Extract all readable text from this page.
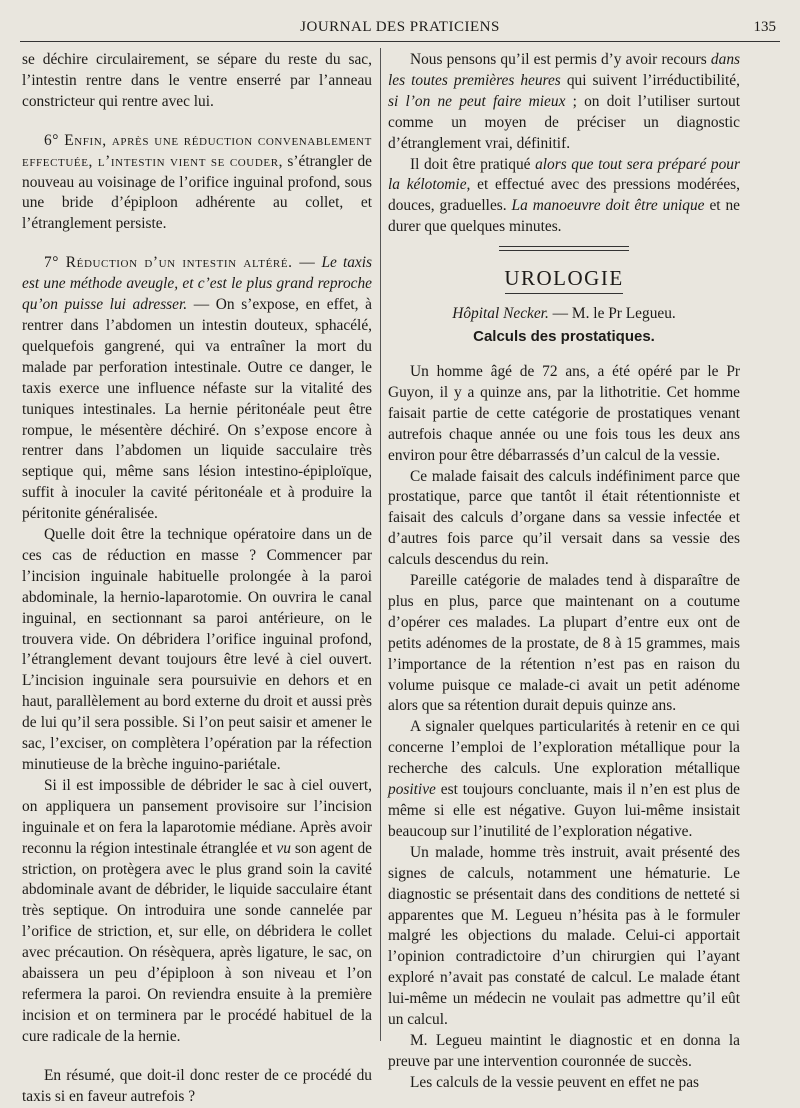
JOURNAL DES PRATICIENS	135

se déchire circulairement, se sépare du reste du sac, l’intestin rentre dans le ventre enserré par l’anneau constricteur qui rentre avec lui.

6° Enfin, après une réduction convenablement effectuée, l’intestin vient se couder, s’étrangler de nouveau au voisinage de l’orifice inguinal profond, sous une bride d’épiploon adhérente au collet, et l’étranglement persiste.

7° Réduction d’un intestin altéré. — Le taxis est une méthode aveugle, et c’est le plus grand reproche qu’on puisse lui adresser. — On s’expose, en effet, à rentrer dans l’abdomen un intestin douteux, sphacélé, quelquefois gangrené, qui va entraîner la mort du malade par perforation intestinale. Outre ce danger, le taxis exerce une influence néfaste sur la vitalité des tuniques intestinales. La hernie péritonéale peut être rompue, le mésentère déchiré. On s’expose encore à rentrer dans l’abdomen un liquide sacculaire très septique qui, même sans lésion intestino-épiploïque, suffit à inoculer la cavité péritonéale et à produire la péritonite généralisée.

Quelle doit être la technique opératoire dans un de ces cas de réduction en masse ? Commencer par l’incision inguinale habituelle prolongée à la paroi abdominale, la hernio-laparotomie. On ouvrira le canal inguinal, en sectionnant sa paroi antérieure, on le trouvera vide. On débridera l’orifice inguinal profond, l’étranglement devant toujours être levé à ciel ouvert. L’incision inguinale sera poursuivie en dehors et en haut, parallèlement au bord externe du droit et aussi près de lui qu’il sera possible. Si l’on peut saisir et amener le sac, l’exciser, on complètera l’opération par la réfection minutieuse de la brèche inguino-pariétale.

Si il est impossible de débrider le sac à ciel ouvert, on appliquera un pansement provisoire sur l’incision inguinale et on fera la laparotomie médiane. Après avoir reconnu la région intestinale étranglée et vu son agent de striction, on protègera avec le plus grand soin la cavité abdominale avant de débrider, le liquide sacculaire étant très septique. On introduira une sonde cannelée par l’orifice de striction, et, sur elle, on débridera le collet avec précaution. On résèquera, après ligature, le sac, on abaissera un peu d’épiploon à son niveau et l’on refermera la paroi. On reviendra ensuite à la première incision et on terminera par le procédé habituel de la cure radicale de la hernie.

En résumé, que doit-il donc rester de ce procédé du taxis si en faveur autrefois ?

Nous pensons qu’il est permis d’y avoir recours dans les toutes premières heures qui suivent l’irréductibilité, si l’on ne peut faire mieux ; on doit l’utiliser surtout comme un moyen de préciser un diagnostic d’étranglement vrai, définitif.

Il doit être pratiqué alors que tout sera préparé pour la kélotomie, et effectué avec des pressions modérées, douces, graduelles. La manoeuvre doit être unique et ne durer que quelques minutes.

UROLOGIE
Hôpital Necker. — M. le Pr Legueu.
Calculs des prostatiques.

Un homme âgé de 72 ans, a été opéré par le Pr Guyon, il y a quinze ans, par la lithotritie. Cet homme faisait partie de cette catégorie de prostatiques venant autrefois chaque année ou une fois tous les deux ans environ pour être débarrassés d’un calcul de la vessie.

Ce malade faisait des calculs indéfiniment parce que prostatique, parce que tantôt il était rétentionniste et faisait des calculs d’organe dans sa vessie infectée et d’autres fois parce qu’il versait dans sa vessie des calculs descendus du rein.

Pareille catégorie de malades tend à disparaître de plus en plus, parce que maintenant on a coutume d’opérer ces malades. La plupart d’entre eux ont de petits adénomes de la prostate, de 8 à 15 grammes, mais l’importance de la rétention n’est pas en raison du volume puisque ce malade-ci avait un petit adénome alors que sa rétention durait depuis quinze ans.

A signaler quelques particularités à retenir en ce qui concerne l’emploi de l’exploration métallique pour la recherche des calculs. Une exploration métallique positive est toujours concluante, mais il n’en est plus de même si elle est négative. Guyon lui-même insistait beaucoup sur l’inutilité de l’exploration négative.

Un malade, homme très instruit, avait présenté des signes de calculs, notamment une hématurie. Le diagnostic se présentait dans des conditions de netteté si apparentes que M. Legueu n’hésita pas à le formuler malgré les objections du malade. Celui-ci apportait l’opinion contradictoire d’un chirurgien qui l’ayant exploré n’avait pas constaté de calcul. Le malade étant lui-même un médecin ne voulait pas admettre qu’il eût un calcul.

M. Legueu maintint le diagnostic et en donna la preuve par une intervention couronnée de succès.

Les calculs de la vessie peuvent en effet ne pas
